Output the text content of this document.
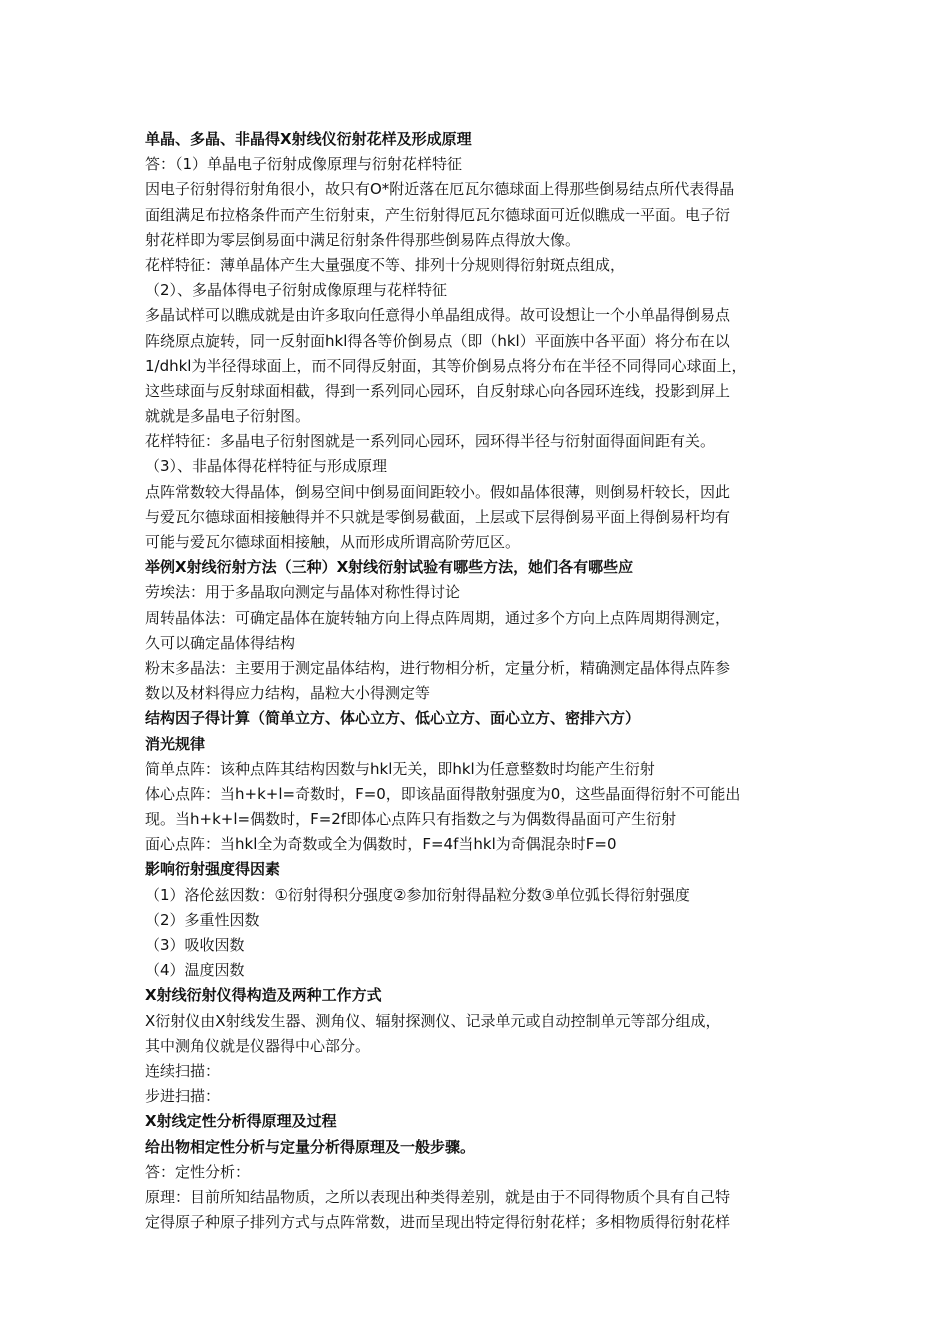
单晶、多晶、非晶得X射线仪衍射花样及形成原理
答：（1）单晶电子衍射成像原理与衍射花样特征
因电子衍射得衍射角很小，故只有O*附近落在厄瓦尔德球面上得那些倒易结点所代表得晶
面组满足布拉格条件而产生衍射束，产生衍射得厄瓦尔德球面可近似瞧成一平面。电子衍
射花样即为零层倒易面中满足衍射条件得那些倒易阵点得放大像。
花样特征：薄单晶体产生大量强度不等、排列十分规则得衍射斑点组成，
（2）、多晶体得电子衍射成像原理与花样特征
多晶试样可以瞧成就是由许多取向任意得小单晶组成得。故可设想让一个小单晶得倒易点
阵绕原点旋转，同一反射面hkl得各等价倒易点（即（hkl）平面族中各平面）将分布在以
1/dhkl为半径得球面上，而不同得反射面，其等价倒易点将分布在半径不同得同心球面上，
这些球面与反射球面相截，得到一系列同心园环，自反射球心向各园环连线，投影到屏上
就就是多晶电子衍射图。
花样特征：多晶电子衍射图就是一系列同心园环，园环得半径与衍射面得面间距有关。
（3）、非晶体得花样特征与形成原理
点阵常数较大得晶体，倒易空间中倒易面间距较小。假如晶体很薄，则倒易杆较长，因此
与爱瓦尔德球面相接触得并不只就是零倒易截面，上层或下层得倒易平面上得倒易杆均有
可能与爱瓦尔德球面相接触，从而形成所谓高阶劳厄区。
举例X射线衍射方法（三种）X射线衍射试验有哪些方法，她们各有哪些应
劳埃法：用于多晶取向测定与晶体对称性得讨论
周转晶体法：可确定晶体在旋转轴方向上得点阵周期，通过多个方向上点阵周期得测定，
久可以确定晶体得结构
粉末多晶法：主要用于测定晶体结构，进行物相分析，定量分析，精确测定晶体得点阵参
数以及材料得应力结构，晶粒大小得测定等
结构因子得计算（简单立方、体心立方、低心立方、面心立方、密排六方）
消光规律
简单点阵：该种点阵其结构因数与hkl无关，即hkl为任意整数时均能产生衍射
体心点阵：当h+k+l=奇数时，F=0，即该晶面得散射强度为0，这些晶面得衍射不可能出
现。当h+k+l=偶数时，F=2f即体心点阵只有指数之与为偶数得晶面可产生衍射
面心点阵：当hkl全为奇数或全为偶数时，F=4f当hkl为奇偶混杂时F=0
影响衍射强度得因素
（1）洛伦兹因数：①衍射得积分强度②参加衍射得晶粒分数③单位弧长得衍射强度
（2）多重性因数
（3）吸收因数
（4）温度因数
X射线衍射仪得构造及两种工作方式
X衍射仪由X射线发生器、测角仪、辐射探测仪、记录单元或自动控制单元等部分组成，
其中测角仪就是仪器得中心部分。
连续扫描：
步进扫描：
X射线定性分析得原理及过程
给出物相定性分析与定量分析得原理及一般步骤。
答：定性分析：
原理：目前所知结晶物质，之所以表现出种类得差别，就是由于不同得物质个具有自己特
定得原子种原子排列方式与点阵常数，进而呈现出特定得衍射花样；多相物质得衍射花样
